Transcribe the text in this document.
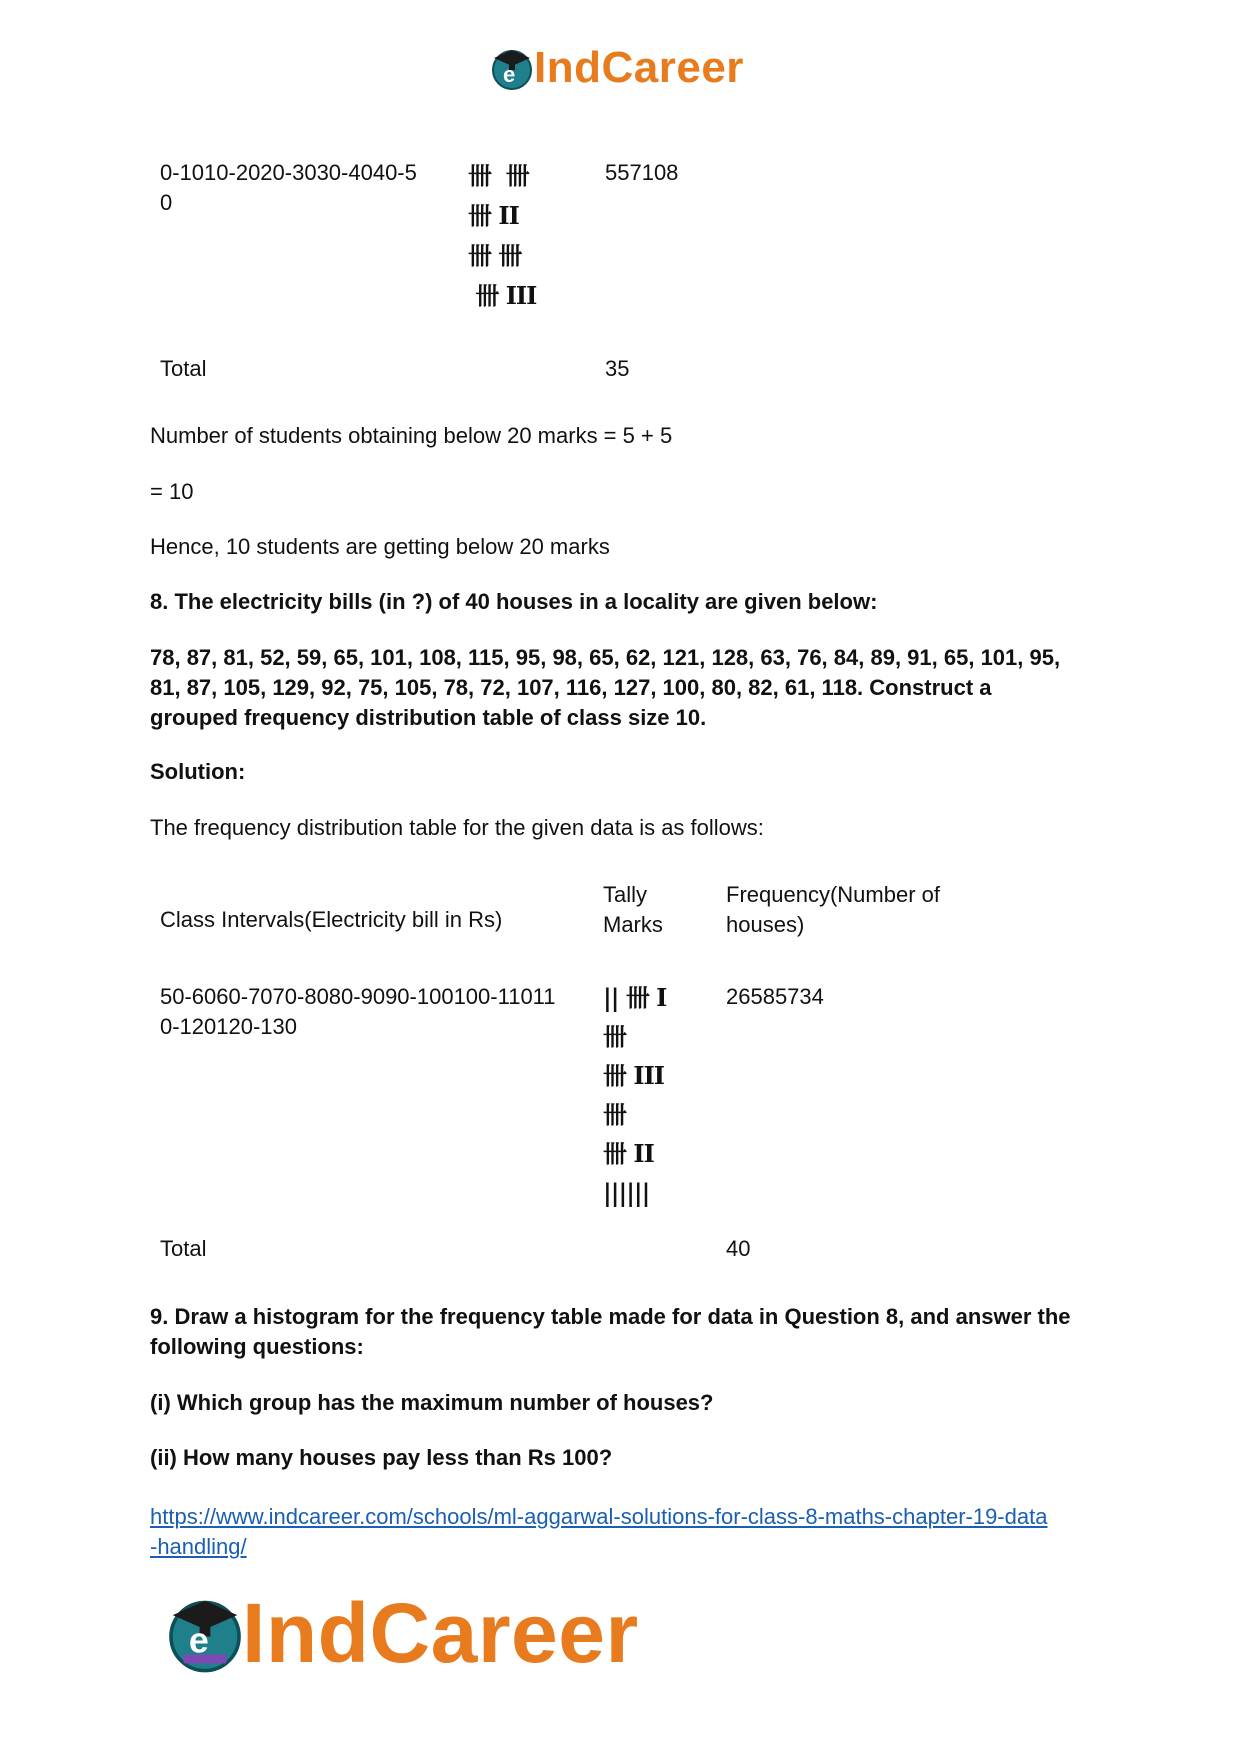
e IndCareer
0-1010-2020-3030-4040-5
0
卌  卌
卌 II
卌 卌
卌 III
557108
Total	35
Number of students obtaining below 20 marks = 5 + 5
= 10
Hence, 10 students are getting below 20 marks
8. The electricity bills (in ?) of 40 houses in a locality are given below:
78, 87, 81, 52, 59, 65, 101, 108, 115, 95, 98, 65, 62, 121, 128, 63, 76, 84, 89, 91, 65, 101, 95, 81, 87, 105, 129, 92, 75, 105, 78, 72, 107, 116, 127, 100, 80, 82, 61, 118. Construct a grouped frequency distribution table of class size 10.
Solution:
The frequency distribution table for the given data is as follows:
Class Intervals(Electricity bill in Rs)
Tally
Marks
Frequency(Number of
houses)
50-6060-7070-8080-9090-100100-11011
0-120120-130
|| 卌 I
卌
卌 III
卌
卌 II
||||||
26585734
Total	40
9. Draw a histogram for the frequency table made for data in Question 8, and answer the following questions:
(i) Which group has the maximum number of houses?
(ii) How many houses pay less than Rs 100?
https://www.indcareer.com/schools/ml-aggarwal-solutions-for-class-8-maths-chapter-19-data
-handling/
e IndCareer
